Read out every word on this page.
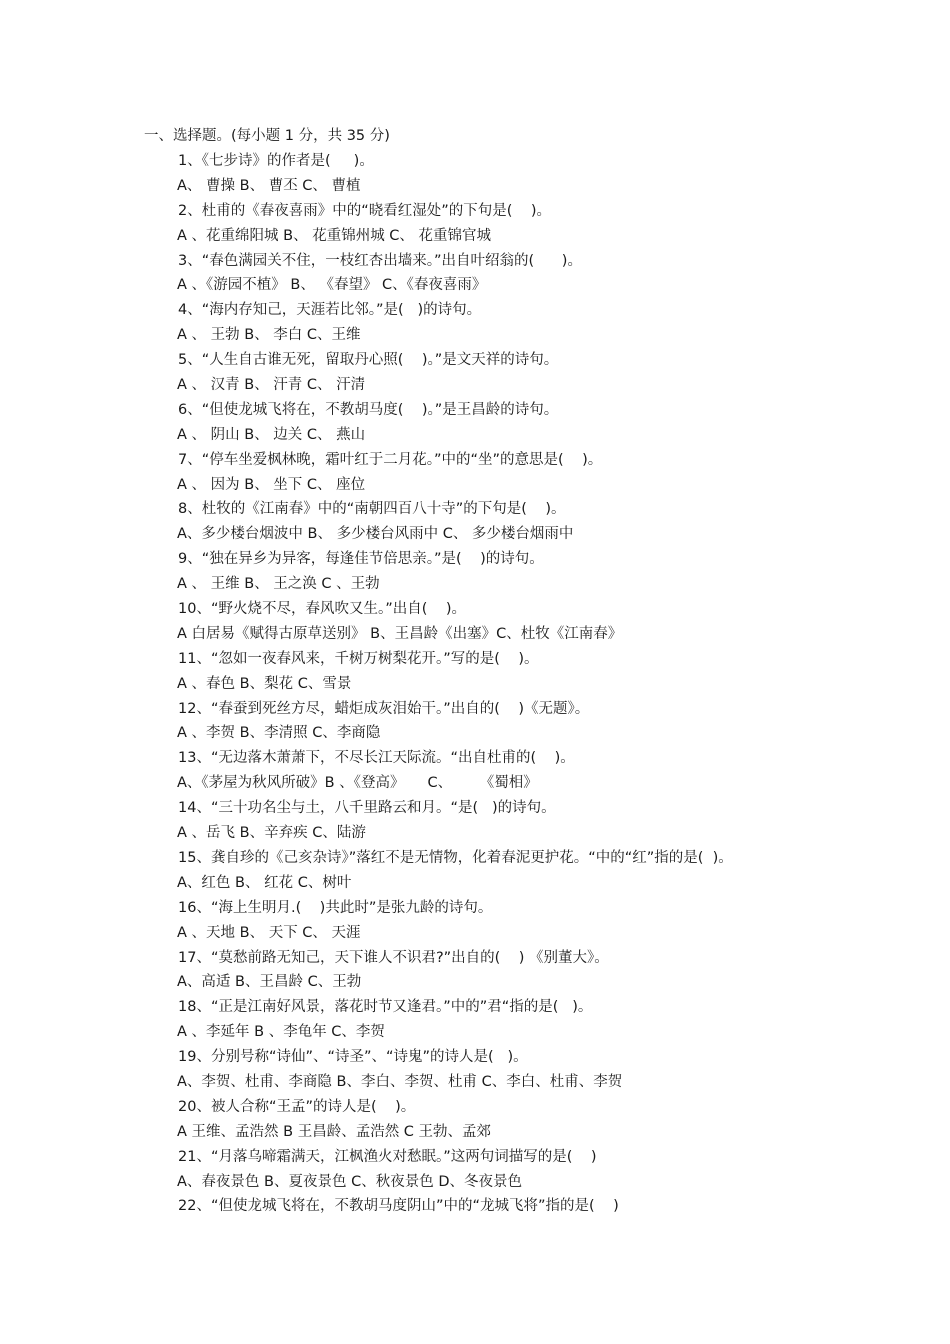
一、选择题。(每小题 1 分，共 35 分)
1、《七步诗》的作者是(     )。
A、 曹操 B、 曹丕 C、 曹植
2、杜甫的《春夜喜雨》中的“晓看红湿处”的下句是(    )。
A 、花重绵阳城 B、 花重锦州城 C、 花重锦官城
3、“春色满园关不住，一枝红杏出墙来。”出自叶绍翁的(      )。
A 、《游园不植》 B、 《春望》 C、《春夜喜雨》
4、“海内存知己，天涯若比邻。”是(   )的诗句。
A 、 王勃 B、 李白 C、王维
5、“人生自古谁无死，留取丹心照(    )。”是文天祥的诗句。
A 、 汉青 B、 汗青 C、 汗清
6、“但使龙城飞将在，不教胡马度(    )。”是王昌龄的诗句。
A 、 阴山 B、 边关 C、 燕山
7、“停车坐爱枫林晚，霜叶红于二月花。”中的“坐”的意思是(    )。
A 、 因为 B、 坐下 C、 座位
8、杜牧的《江南春》中的“南朝四百八十寺”的下句是(    )。
A、多少楼台烟波中 B、 多少楼台风雨中 C、 多少楼台烟雨中
9、“独在异乡为异客，每逢佳节倍思亲。”是(    )的诗句。
A 、 王维 B、 王之涣 C 、王勃
10、“野火烧不尽，春风吹又生。”出自(    )。
A 白居易《赋得古原草送别》 B、王昌龄《出塞》C、杜牧《江南春》
11、“忽如一夜春风来，千树万树梨花开。”写的是(    )。
A 、春色 B、梨花 C、雪景
12、“春蚕到死丝方尽，蜡炬成灰泪始干。”出自的(    )《无题》。
A 、李贺 B、李清照 C、李商隐
13、“无边落木萧萧下，不尽长江天际流。“出自杜甫的(    )。
A、《茅屋为秋风所破》B 、《登高》     C、      《蜀相》
14、“三十功名尘与土，八千里路云和月。“是(   )的诗句。
A 、岳飞 B、辛弃疾 C、陆游
15、龚自珍的《己亥杂诗》”落红不是无情物，化着春泥更护花。“中的“红”指的是(  )。
A、红色 B、 红花 C、树叶
16、“海上生明月.(    )共此时”是张九龄的诗句。
A 、天地 B、 天下 C、 天涯
17、“莫愁前路无知己，天下谁人不识君?”出自的(    ) 《别董大》。
A、高适 B、王昌龄 C、王勃
18、“正是江南好风景，落花时节又逢君。”中的”君“指的是(   )。
A 、李延年 B 、李龟年 C、李贺
19、分别号称“诗仙”、“诗圣”、“诗鬼”的诗人是(   )。
A、李贺、杜甫、李商隐 B、李白、李贺、杜甫 C、李白、杜甫、李贺
20、被人合称“王孟”的诗人是(    )。
A 王维、孟浩然 B 王昌龄、孟浩然 C 王勃、孟郊
21、“月落乌啼霜满天，江枫渔火对愁眠。”这两句词描写的是(    )
A、春夜景色 B、夏夜景色 C、秋夜景色 D、冬夜景色
22、“但使龙城飞将在，不教胡马度阴山”中的“龙城飞将”指的是(    )
